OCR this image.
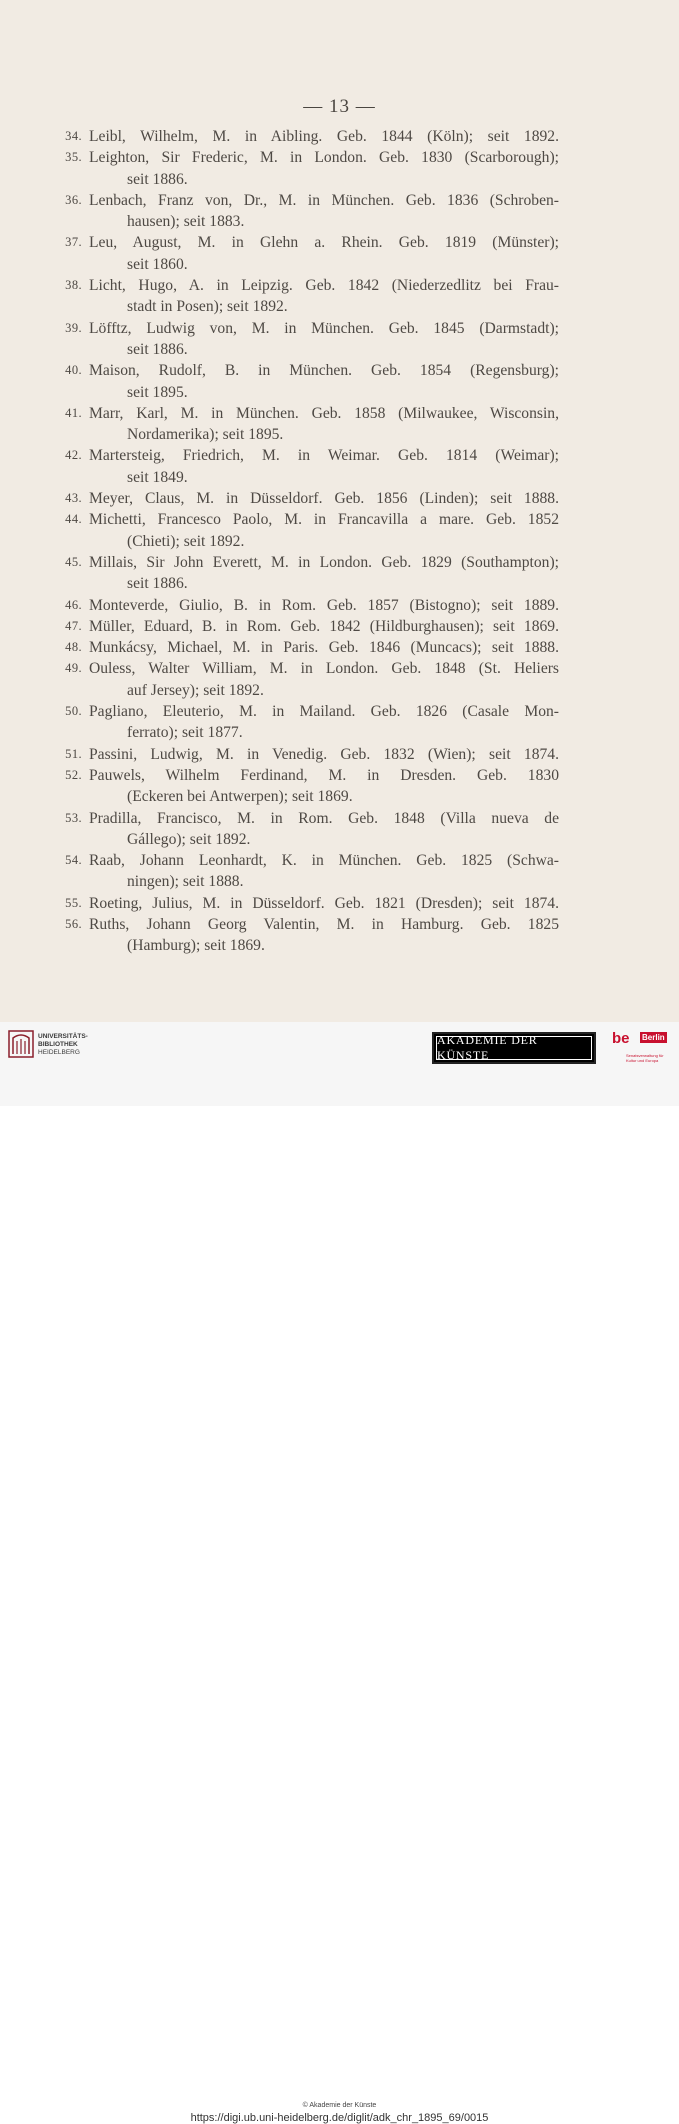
— 13 —
34. Leibl, Wilhelm, M. in Aibling. Geb. 1844 (Köln); seit 1892.
35. Leighton, Sir Frederic, M. in London. Geb. 1830 (Scarborough);
seit 1886.
36. Lenbach, Franz von, Dr., M. in München. Geb. 1836 (Schroben-
hausen); seit 1883.
37. Leu, August, M. in Glehn a. Rhein. Geb. 1819 (Münster);
seit 1860.
38. Licht, Hugo, A. in Leipzig. Geb. 1842 (Niederzedlitz bei Frau-
stadt in Posen); seit 1892.
39. Löfftz, Ludwig von, M. in München. Geb. 1845 (Darmstadt);
seit 1886.
40. Maison, Rudolf, B. in München. Geb. 1854 (Regensburg);
seit 1895.
41. Marr, Karl, M. in München. Geb. 1858 (Milwaukee, Wisconsin,
Nordamerika); seit 1895.
42. Martersteig, Friedrich, M. in Weimar. Geb. 1814 (Weimar);
seit 1849.
43. Meyer, Claus, M. in Düsseldorf. Geb. 1856 (Linden); seit 1888.
44. Michetti, Francesco Paolo, M. in Francavilla a mare. Geb. 1852
(Chieti); seit 1892.
45. Millais, Sir John Everett, M. in London. Geb. 1829 (Southampton);
seit 1886.
46. Monteverde, Giulio, B. in Rom. Geb. 1857 (Bistogno); seit 1889.
47. Müller, Eduard, B. in Rom. Geb. 1842 (Hildburghausen); seit 1869.
48. Munkácsy, Michael, M. in Paris. Geb. 1846 (Muncacs); seit 1888.
49. Ouless, Walter William, M. in London. Geb. 1848 (St. Heliers
auf Jersey); seit 1892.
50. Pagliano, Eleuterio, M. in Mailand. Geb. 1826 (Casale Mon-
ferrato); seit 1877.
51. Passini, Ludwig, M. in Venedig. Geb. 1832 (Wien); seit 1874.
52. Pauwels, Wilhelm Ferdinand, M. in Dresden. Geb. 1830
(Eckeren bei Antwerpen); seit 1869.
53. Pradilla, Francisco, M. in Rom. Geb. 1848 (Villa nueva de
Gállego); seit 1892.
54. Raab, Johann Leonhardt, K. in München. Geb. 1825 (Schwa-
ningen); seit 1888.
55. Roeting, Julius, M. in Düsseldorf. Geb. 1821 (Dresden); seit 1874.
56. Ruths, Johann Georg Valentin, M. in Hamburg. Geb. 1825
(Hamburg); seit 1869.
UNIVERSITÄTS-
BIBLIOTHEK
HEIDELBERG
AKADEMIE DER KÜNSTE
be Berlin
Senatsverwaltung für Kultur und Europa
© Akademie der Künste
https://digi.ub.uni-heidelberg.de/diglit/adk_chr_1895_69/0015
